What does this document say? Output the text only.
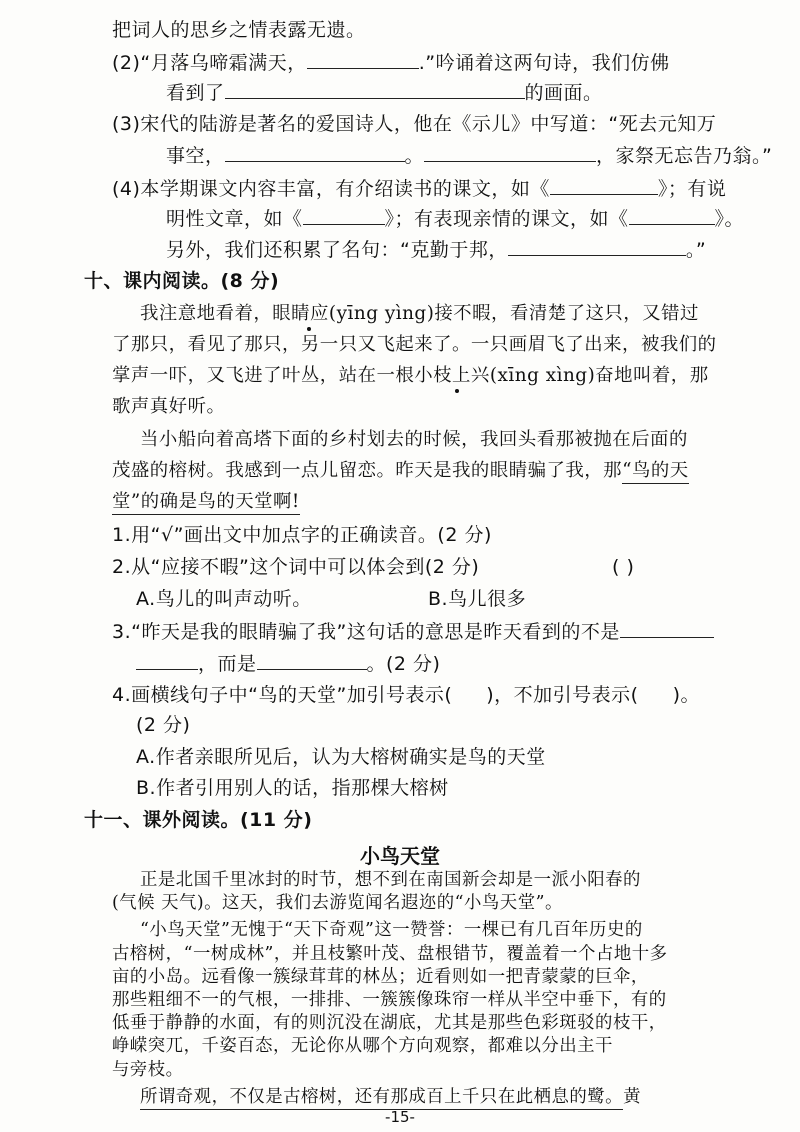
把词人的思乡之情表露无遗。
(2)“月落乌啼霜满天，	.”吟诵着这两句诗，我们仿佛
看到了	的画面。
(3)宋代的陆游是著名的爱国诗人，他在《示儿》中写道：“死去元知万
事空，	。	，家祭无忘告乃翁。”
(4)本学期课文内容丰富，有介绍读书的课文，如《	》；有说
明性文章，如《	》；有表现亲情的课文，如《	》。
另外，我们还积累了名句：“克勤于邦，	。”
十、课内阅读。(8 分)
我注意地看着，眼睛应(yīng yìng)接不暇，看清楚了这只，又错过
了那只，看见了那只，另一只又飞起来了。一只画眉飞了出来，被我们的
掌声一吓，又飞进了叶丛，站在一根小枝上兴(xīng xìng)奋地叫着，那
歌声真好听。
当小船向着高塔下面的乡村划去的时候，我回头看那被抛在后面的
茂盛的榕树。我感到一点儿留恋。昨天是我的眼睛骗了我，那“鸟的天
堂”的确是鸟的天堂啊!
1.用“√”画出文中加点字的正确读音。(2 分)
2.从“应接不暇”这个词中可以体会到(2 分)	( )
A.鸟儿的叫声动听。	B.鸟儿很多
3.“昨天是我的眼睛骗了我”这句话的意思是昨天看到的不是
，而是	。(2 分)
4.画横线句子中“鸟的天堂”加引号表示( )，不加引号表示( )。
(2 分)
A.作者亲眼所见后，认为大榕树确实是鸟的天堂
B.作者引用别人的话，指那棵大榕树
十一、课外阅读。(11 分)
小鸟天堂
正是北国千里冰封的时节，想不到在南国新会却是一派小阳春的
(气候 天气)。这天，我们去游览闻名遐迩的“小鸟天堂”。
“小鸟天堂”无愧于“天下奇观”这一赞誉：一棵已有几百年历史的
古榕树，“一树成林”，并且枝繁叶茂、盘根错节，覆盖着一个占地十多
亩的小岛。远看像一簇绿茸茸的林丛；近看则如一把青蒙蒙的巨伞，
那些粗细不一的气根，一排排、一簇簇像珠帘一样从半空中垂下，有的
低垂于静静的水面，有的则沉没在湖底，尤其是那些色彩斑驳的枝干，
峥嵘突兀，千姿百态，无论你从哪个方向观察，都难以分出主干
与旁枝。
所谓奇观，不仅是古榕树，还有那成百上千只在此栖息的鹭。黄
-15-
